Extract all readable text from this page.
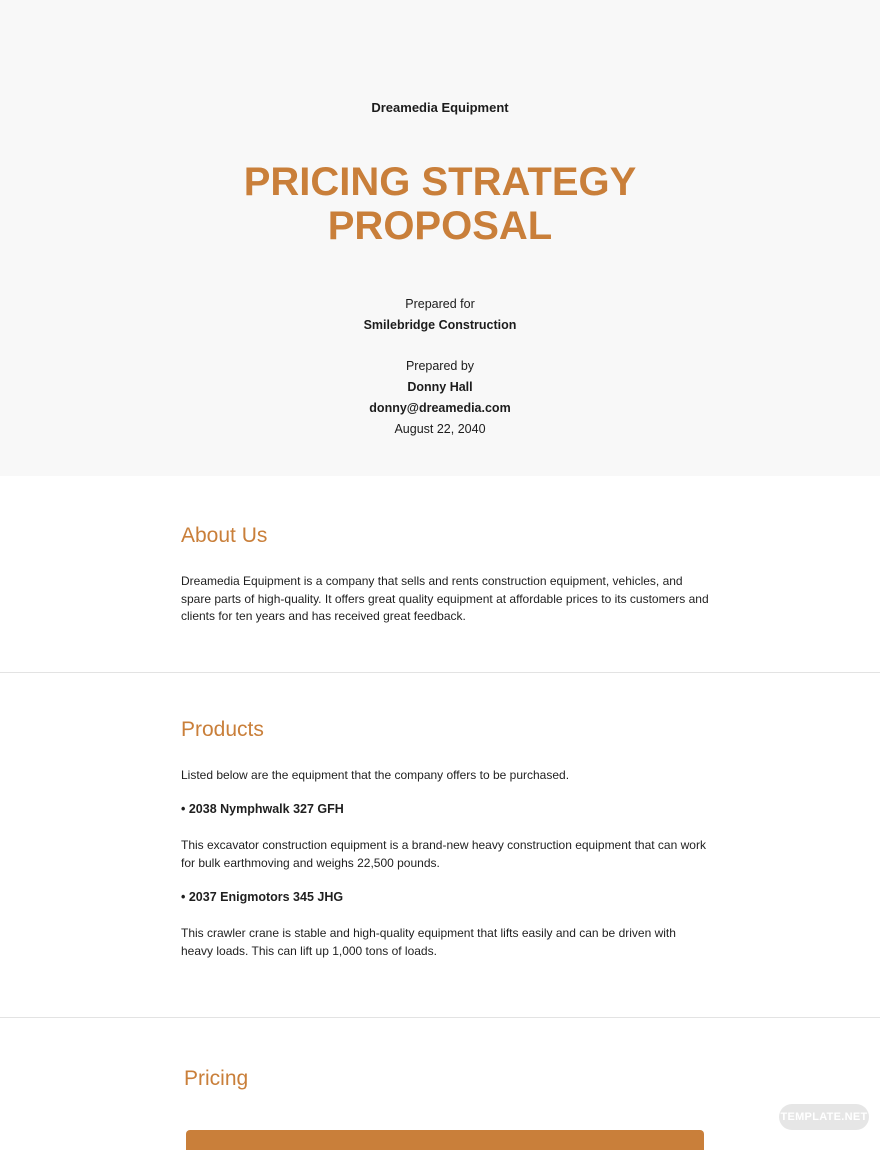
Dreamedia Equipment
PRICING STRATEGY
PROPOSAL
Prepared for
Smilebridge Construction
Prepared by
Donny Hall
donny@dreamedia.com
August 22, 2040
About Us
Dreamedia Equipment is a company that sells and rents construction equipment, vehicles, and spare parts of high-quality. It offers great quality equipment at affordable prices to its customers and clients for ten years and has received great feedback.
Products
Listed below are the equipment that the company offers to be purchased.
• 2038 Nymphwalk 327 GFH
This excavator construction equipment is a brand-new heavy construction equipment that can work for bulk earthmoving and weighs 22,500 pounds.
• 2037 Enigmotors 345 JHG
This crawler crane is stable and high-quality equipment that lifts easily and can be driven with heavy loads. This can lift up 1,000 tons of loads.
Pricing
TEMPLATE.NET
